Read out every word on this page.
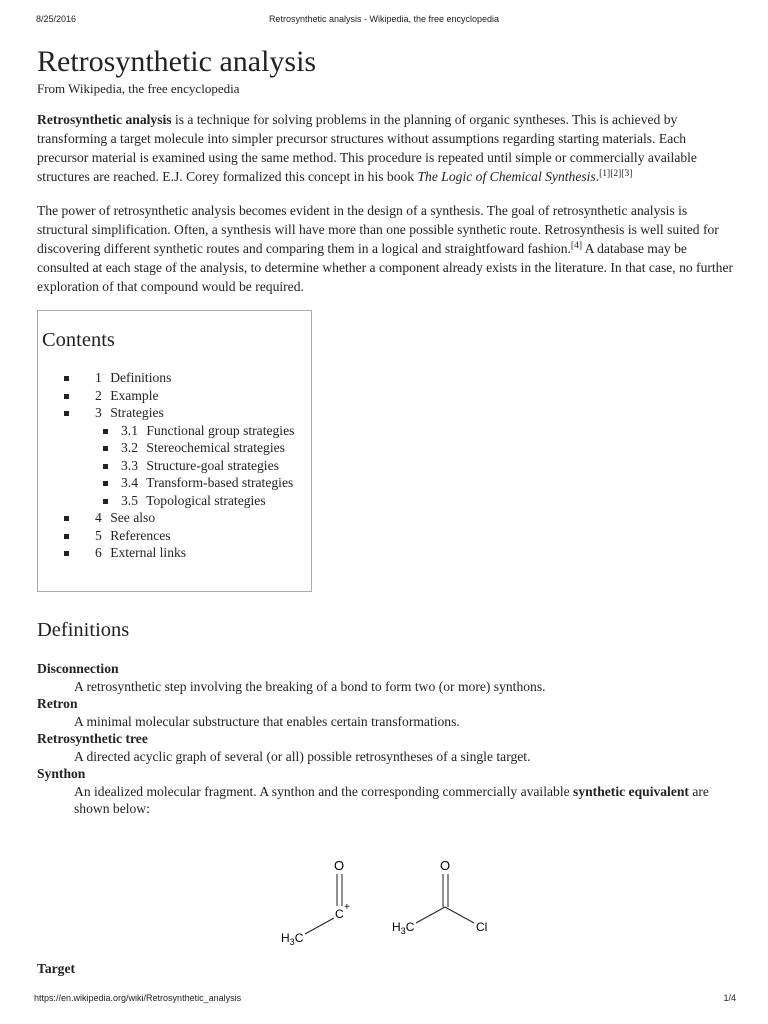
8/25/2016	Retrosynthetic analysis - Wikipedia, the free encyclopedia
Retrosynthetic analysis
From Wikipedia, the free encyclopedia

Retrosynthetic analysis is a technique for solving problems in the planning of organic syntheses. This is achieved by transforming a target molecule into simpler precursor structures without assumptions regarding starting materials. Each precursor material is examined using the same method. This procedure is repeated until simple or commercially available structures are reached. E.J. Corey formalized this concept in his book The Logic of Chemical Synthesis.[1][2][3]

The power of retrosynthetic analysis becomes evident in the design of a synthesis. The goal of retrosynthetic analysis is structural simplification. Often, a synthesis will have more than one possible synthetic route. Retrosynthesis is well suited for discovering different synthetic routes and comparing them in a logical and straightfoward fashion.[4] A database may be consulted at each stage of the analysis, to determine whether a component already exists in the literature. In that case, no further exploration of that compound would be required.

Contents
1 Definitions
2 Example
3 Strategies
3.1 Functional group strategies
3.2 Stereochemical strategies
3.3 Structure-goal strategies
3.4 Transform-based strategies
3.5 Topological strategies
4 See also
5 References
6 External links
Definitions
Disconnection
A retrosynthetic step involving the breaking of a bond to form two (or more) synthons.
Retron
A minimal molecular substructure that enables certain transformations.
Retrosynthetic tree
A directed acyclic graph of several (or all) possible retrosyntheses of a single target.
Synthon
An idealized molecular fragment. A synthon and the corresponding commercially available synthetic equivalent are shown below:
O
C +
$H_3C$
O
$H_3C$	Cl
Target
https://en.wikipedia.org/wiki/Retrosynthetic_analysis	1/4
